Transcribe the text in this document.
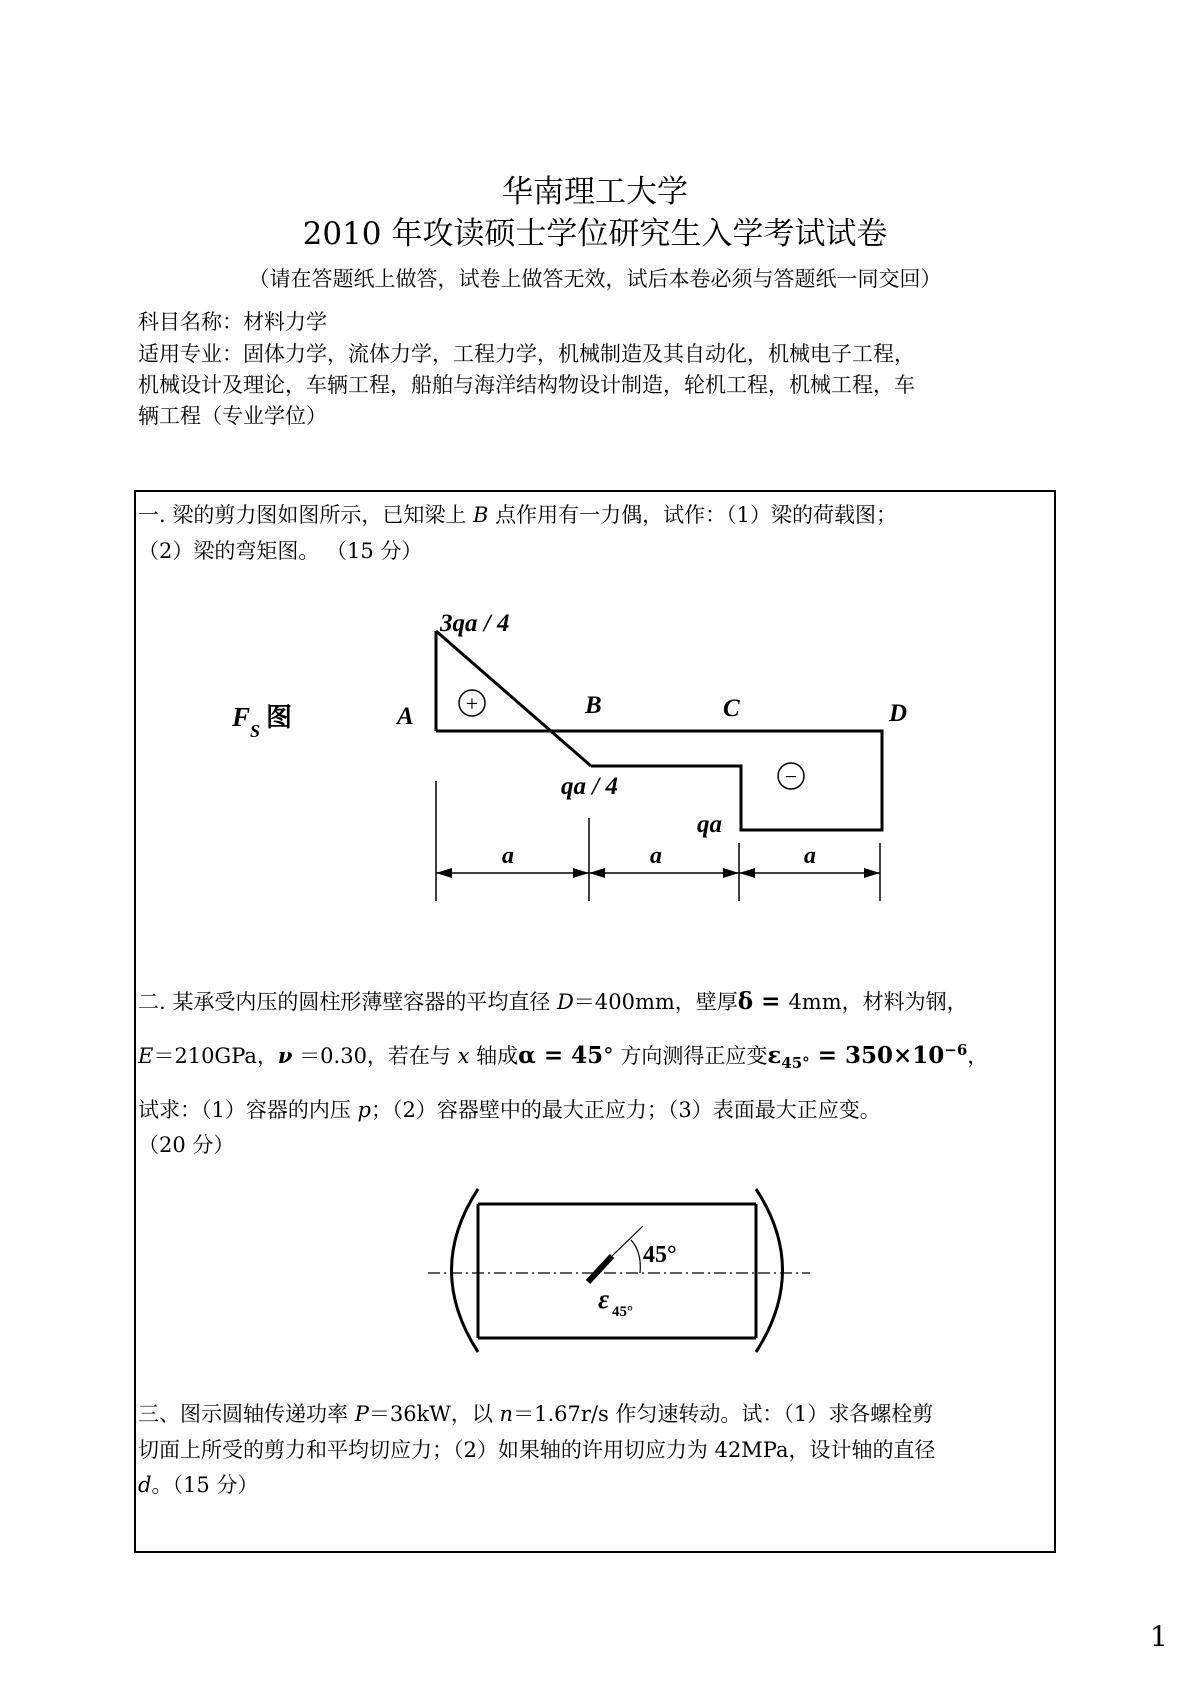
华南理工大学
2010 年攻读硕士学位研究生入学考试试卷
（请在答题纸上做答，试卷上做答无效，试后本卷必须与答题纸一同交回）
科目名称：材料力学
适用专业：固体力学，流体力学，工程力学，机械制造及其自动化，机械电子工程，
机械设计及理论，车辆工程，船舶与海洋结构物设计制造，轮机工程，机械工程，车
辆工程（专业学位）
一. 梁的剪力图如图所示，已知梁上 B 点作用有一力偶，试作：（1）梁的荷载图；
（2）梁的弯矩图。 （15 分）
+
−
F S 图
3qa / 4
A	B	C	D
qa / 4
qa
a	a	a
45°
ε 45°
二. 某承受内压的圆柱形薄壁容器的平均直径 D＝400mm，壁厚δ = 4mm，材料为钢，
E＝210GPa，ν ＝0.30，若在与 x 轴成α = 45° 方向测得正应变$\varepsilon_{45^\circ} = 350\times 10^{-6}$，
试求：（1）容器的内压 p；（2）容器壁中的最大正应力；（3）表面最大正应变。
（20 分）
三、图示圆轴传递功率 P＝36kW，以 n＝1.67r/s 作匀速转动。试：（1）求各螺栓剪
切面上所受的剪力和平均切应力；（2）如果轴的许用切应力为 42MPa，设计轴的直径
d。（15 分）
1
